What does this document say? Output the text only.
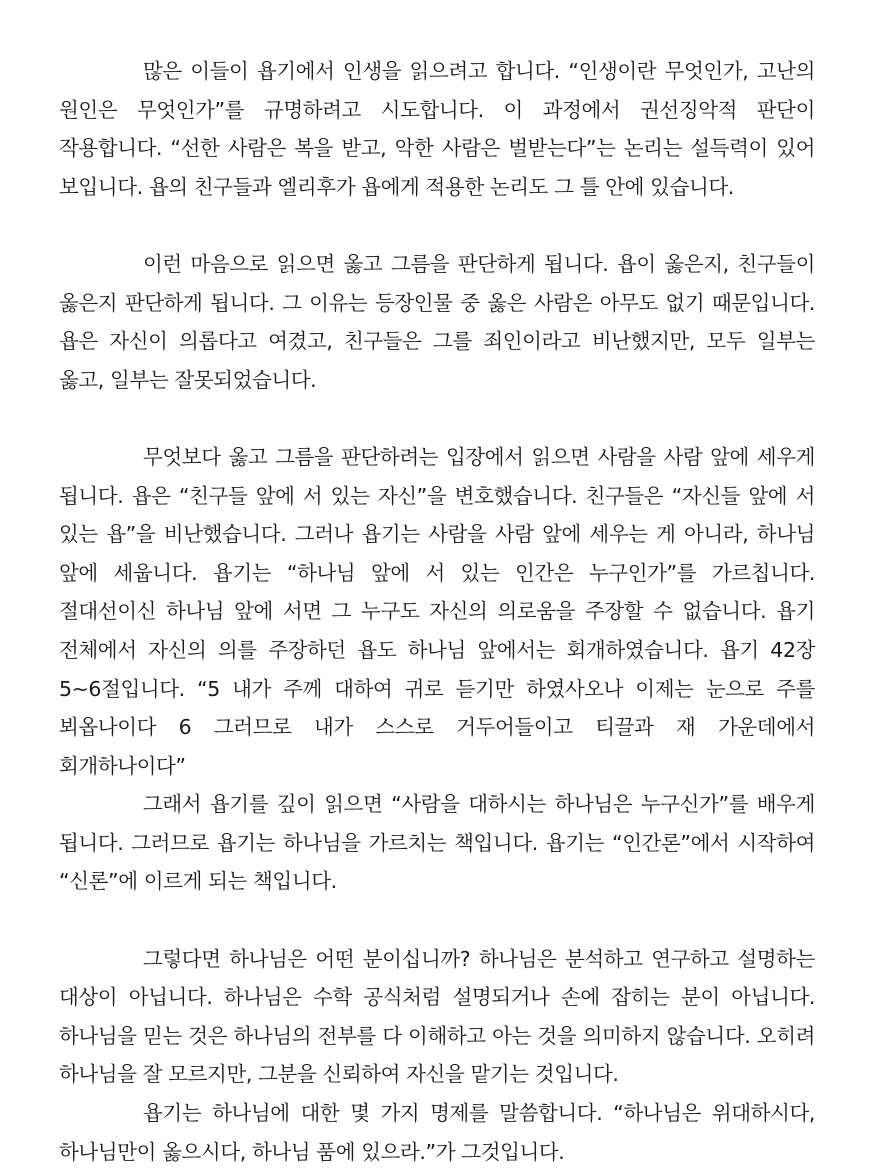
많은 이들이 욥기에서 인생을 읽으려고 합니다. “인생이란 무엇인가, 고난의 원인은 무엇인가”를 규명하려고 시도합니다. 이 과정에서 권선징악적 판단이 작용합니다. “선한 사람은 복을 받고, 악한 사람은 벌받는다”는 논리는 설득력이 있어 보입니다. 욥의 친구들과 엘리후가 욥에게 적용한 논리도 그 틀 안에 있습니다.

이런 마음으로 읽으면 옳고 그름을 판단하게 됩니다. 욥이 옳은지, 친구들이 옳은지 판단하게 됩니다. 그 이유는 등장인물 중 옳은 사람은 아무도 없기 때문입니다. 욥은 자신이 의롭다고 여겼고, 친구들은 그를 죄인이라고 비난했지만, 모두 일부는 옳고, 일부는 잘못되었습니다.

무엇보다 옳고 그름을 판단하려는 입장에서 읽으면 사람을 사람 앞에 세우게 됩니다. 욥은 “친구들 앞에 서 있는 자신”을 변호했습니다. 친구들은 “자신들 앞에 서 있는 욥”을 비난했습니다. 그러나 욥기는 사람을 사람 앞에 세우는 게 아니라, 하나님 앞에 세웁니다. 욥기는 “하나님 앞에 서 있는 인간은 누구인가”를 가르칩니다. 절대선이신 하나님 앞에 서면 그 누구도 자신의 의로움을 주장할 수 없습니다. 욥기 전체에서 자신의 의를 주장하던 욥도 하나님 앞에서는 회개하였습니다. 욥기 42장 5~6절입니다. “5 내가 주께 대하여 귀로 듣기만 하였사오나 이제는 눈으로 주를 뵈옵나이다 6 그러므로 내가 스스로 거두어들이고 티끌과 재 가운데에서 회개하나이다”

그래서 욥기를 깊이 읽으면 “사람을 대하시는 하나님은 누구신가”를 배우게 됩니다. 그러므로 욥기는 하나님을 가르치는 책입니다. 욥기는 “인간론”에서 시작하여 “신론”에 이르게 되는 책입니다.

그렇다면 하나님은 어떤 분이십니까? 하나님은 분석하고 연구하고 설명하는 대상이 아닙니다. 하나님은 수학 공식처럼 설명되거나 손에 잡히는 분이 아닙니다. 하나님을 믿는 것은 하나님의 전부를 다 이해하고 아는 것을 의미하지 않습니다. 오히려 하나님을 잘 모르지만, 그분을 신뢰하여 자신을 맡기는 것입니다.

욥기는 하나님에 대한 몇 가지 명제를 말씀합니다. “하나님은 위대하시다, 하나님만이 옳으시다, 하나님 품에 있으라.”가 그것입니다.
